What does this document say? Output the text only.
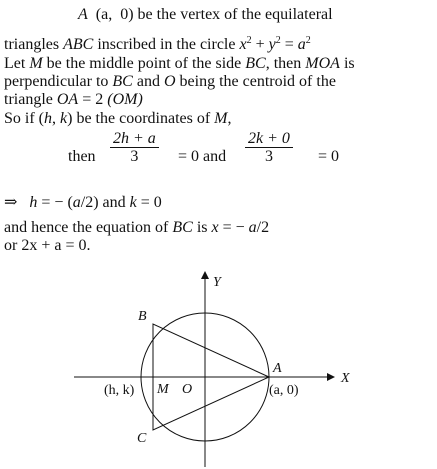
A (a, 0) be the vertex of the equilateral
triangles ABC inscribed in the circle $x^2 + y^2 = a^2$
Let M be the middle point of the side BC, then MOA is
perpendicular to BC and O being the centroid of the
triangle OA = 2 (OM)
So if (h, k) be the coordinates of M,
then $\frac{2h + a}{3} = 0$ and $\frac{2k + 0}{3} = 0$
⇒ h = − (a/2) and k = 0
and hence the equation of BC is x = − a/2
or 2x + a = 0.
Y
X
B
C
A
M O
(h, k)	(a, 0)
